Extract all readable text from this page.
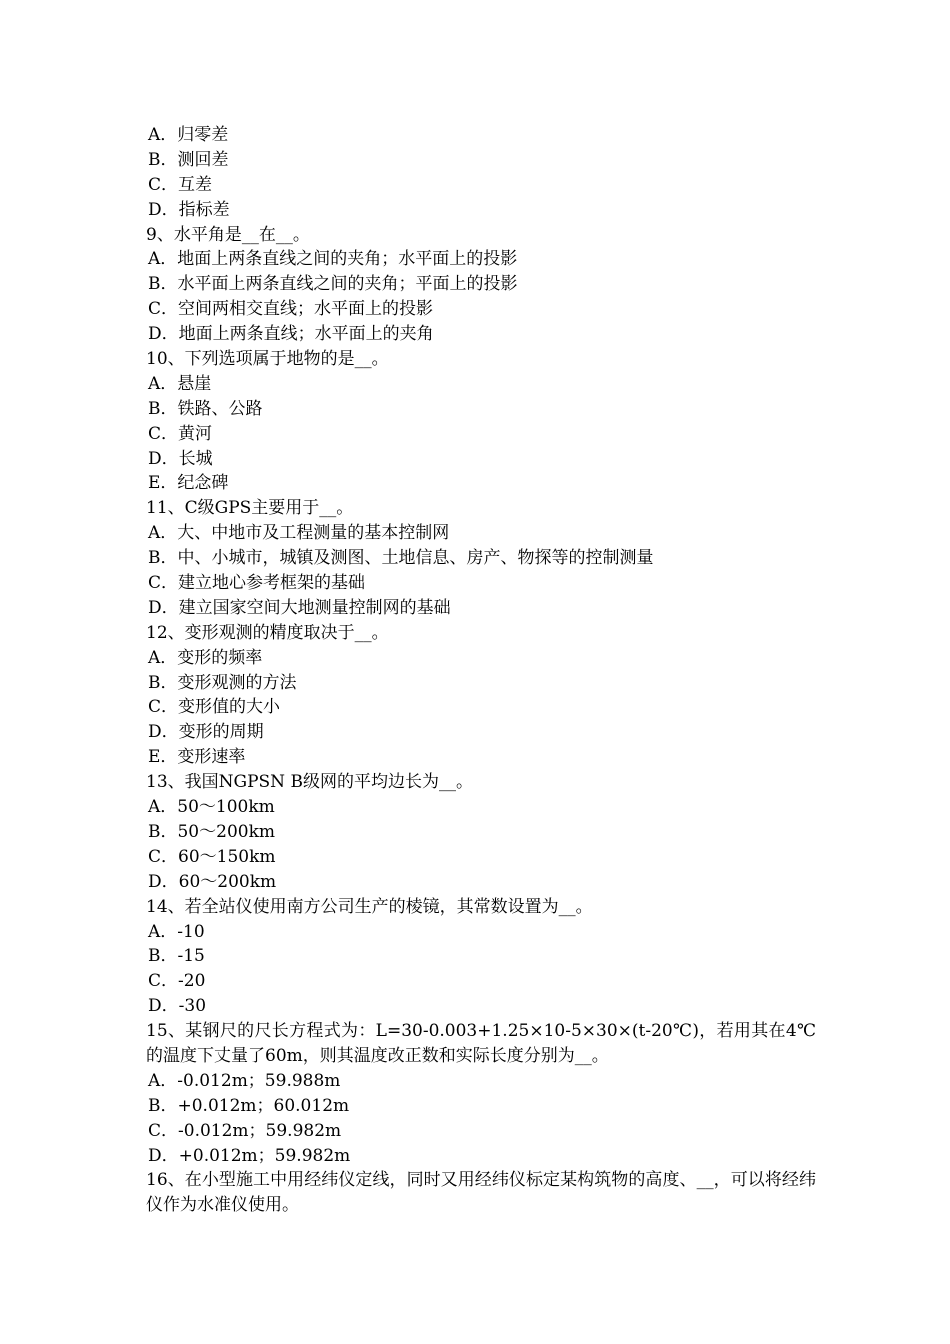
A．归零差
B．测回差
C．互差
D．指标差
9、水平角是__在__。
A．地面上两条直线之间的夹角；水平面上的投影
B．水平面上两条直线之间的夹角；平面上的投影
C．空间两相交直线；水平面上的投影
D．地面上两条直线；水平面上的夹角
10、下列选项属于地物的是__。
A．悬崖
B．铁路、公路
C．黄河
D．长城
E．纪念碑
11、C级GPS主要用于__。
A．大、中地市及工程测量的基本控制网
B．中、小城市，城镇及测图、土地信息、房产、物探等的控制测量
C．建立地心参考框架的基础
D．建立国家空间大地测量控制网的基础
12、变形观测的精度取决于__。
A．变形的频率
B．变形观测的方法
C．变形值的大小
D．变形的周期
E．变形速率
13、我国NGPSN B级网的平均边长为__。
A．50～100km
B．50～200km
C．60～150km
D．60～200km
14、若全站仪使用南方公司生产的棱镜，其常数设置为__。
A．-10
B．-15
C．-20
D．-30
15、某钢尺的尺长方程式为：L=30-0.003+1.25×10-5×30×(t-20℃)，若用其在4℃的温度下丈量了60m，则其温度改正数和实际长度分别为__。
A．-0.012m；59.988m
B．+0.012m；60.012m
C．-0.012m；59.982m
D．+0.012m；59.982m
16、在小型施工中用经纬仪定线，同时又用经纬仪标定某构筑物的高度、__，可以将经纬仪作为水准仪使用。
